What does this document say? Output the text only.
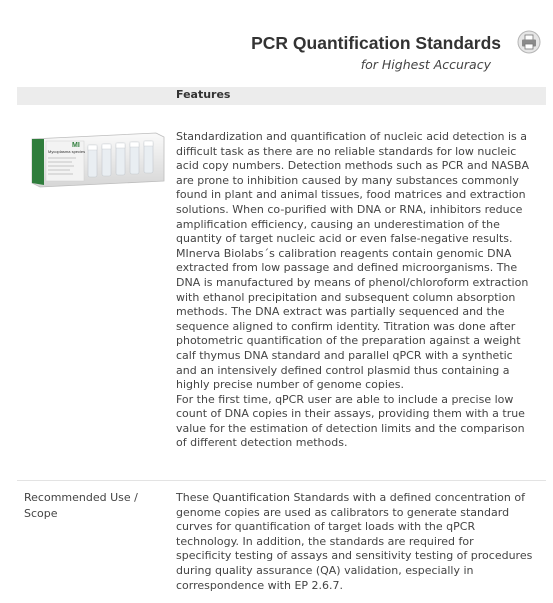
PCR Quantification Standards
for Highest Accuracy
Features
MI
Mycoplasma species
Standardization and quantification of nucleic acid detection is a
difficult task as there are no reliable standards for low nucleic
acid copy numbers. Detection methods such as PCR and NASBA
are prone to inhibition caused by many substances commonly
found in plant and animal tissues, food matrices and extraction
solutions. When co-purified with DNA or RNA, inhibitors reduce
amplification efficiency, causing an underestimation of the
quantity of target nucleic acid or even false-negative results.
MInerva Biolabs´s calibration reagents contain genomic DNA
extracted from low passage and defined microorganisms. The
DNA is manufactured by means of phenol/chloroform extraction
with ethanol precipitation and subsequent column absorption
methods. The DNA extract was partially sequenced and the
sequence aligned to confirm identity. Titration was done after
photometric quantification of the preparation against a weight
calf thymus DNA standard and parallel qPCR with a synthetic
and an intensively defined control plasmid thus containing a
highly precise number of genome copies.
For the first time, qPCR user are able to include a precise low
count of DNA copies in their assays, providing them with a true
value for the estimation of detection limits and the comparison
of different detection methods.
Recommended Use /
Scope
These Quantification Standards with a defined concentration of
genome copies are used as calibrators to generate standard
curves for quantification of target loads with the qPCR
technology. In addition, the standards are required for
specificity testing of assays and sensitivity testing of procedures
during quality assurance (QA) validation, especially in
correspondence with EP 2.6.7.
